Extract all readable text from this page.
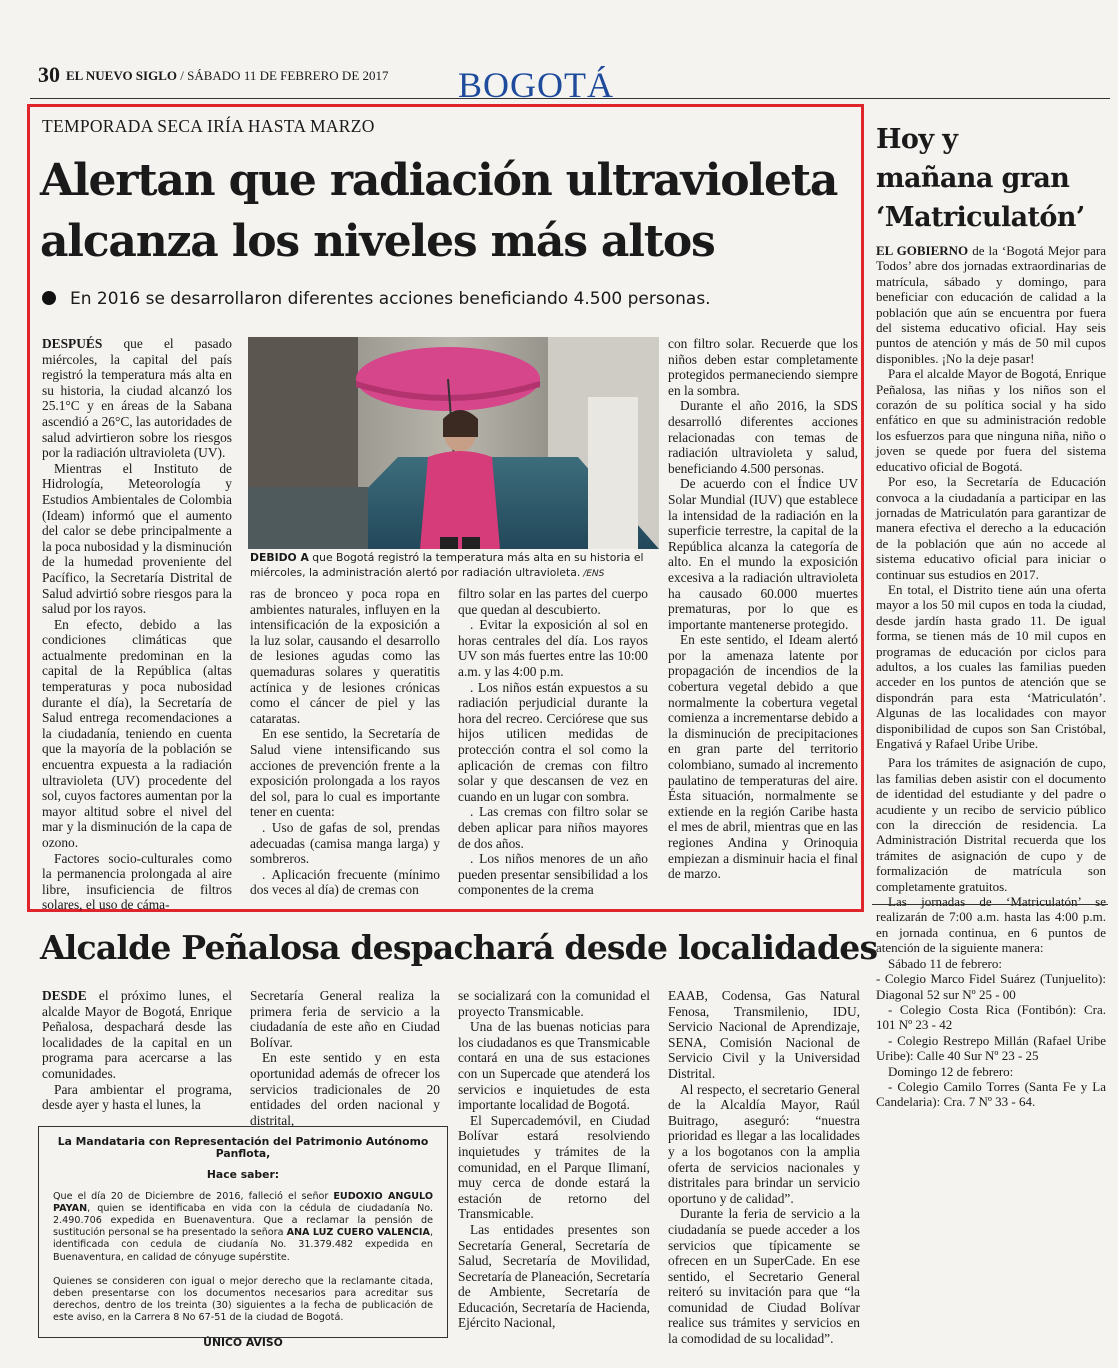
30 EL NUEVO SIGLO / SÁBADO 11 DE FEBRERO DE 2017 BOGOTÁ
TEMPORADA SECA IRÍA HASTA MARZO
Alertan que radiación ultravioleta
alcanza los niveles más altos
En 2016 se desarrollaron diferentes acciones beneficiando 4.500 personas.

DESPUÉS que el pasado miércoles, la capital del país registró la temperatura más alta en su historia, la ciudad alcanzó los 25.1°C y en áreas de la Sabana ascendió a 26°C, las autoridades de salud advirtieron sobre los riesgos por la radiación ultravioleta (UV).

Mientras el Instituto de Hidrología, Meteorología y Estudios Ambientales de Colombia (Ideam) informó que el aumento del calor se debe principalmente a la poca nubosidad y la disminución de la humedad proveniente del Pacífico, la Secretaría Distrital de Salud advirtió sobre riesgos para la salud por los rayos.

En efecto, debido a las condiciones climáticas que actualmente predominan en la capital de la República (altas temperaturas y poca nubosidad durante el día), la Secretaría de Salud entrega recomendaciones a la ciudadanía, teniendo en cuenta que la mayoría de la población se encuentra expuesta a la radiación ultravioleta (UV) procedente del sol, cuyos factores aumentan por la mayor altitud sobre el nivel del mar y la disminución de la capa de ozono.

Factores socio-culturales como la permanencia prolongada al aire libre, insuficiencia de filtros solares, el uso de cáma-

DEBIDO A que Bogotá registró la temperatura más alta en su historia el miércoles, la administración alertó por radiación ultravioleta. /ENS

ras de bronceo y poca ropa en ambientes naturales, influyen en la intensificación de la exposición a la luz solar, causando el desarrollo de lesiones agudas como las quemaduras solares y queratitis actínica y de lesiones crónicas como el cáncer de piel y las cataratas.

En ese sentido, la Secretaría de Salud viene intensificando sus acciones de prevención frente a la exposición prolongada a los rayos del sol, para lo cual es importante tener en cuenta:

. Uso de gafas de sol, prendas adecuadas (camisa manga larga) y sombreros.

. Aplicación frecuente (mínimo dos veces al día) de cremas con

filtro solar en las partes del cuerpo que quedan al descubierto.

. Evitar la exposición al sol en horas centrales del día. Los rayos UV son más fuertes entre las 10:00 a.m. y las 4:00 p.m.

. Los niños están expuestos a su radiación perjudicial durante la hora del recreo. Cerciórese que sus hijos utilicen medidas de protección contra el sol como la aplicación de cremas con filtro solar y que descansen de vez en cuando en un lugar con sombra.

. Las cremas con filtro solar se deben aplicar para niños mayores de dos años.

. Los niños menores de un año pueden presentar sensibilidad a los componentes de la crema

con filtro solar. Recuerde que los niños deben estar completamente protegidos permaneciendo siempre en la sombra.

Durante el año 2016, la SDS desarrolló diferentes acciones relacionadas con temas de radiación ultravioleta y salud, beneficiando 4.500 personas.

De acuerdo con el Índice UV Solar Mundial (IUV) que establece la intensidad de la radiación en la superficie terrestre, la capital de la República alcanza la categoría de alto. En el mundo la exposición excesiva a la radiación ultravioleta ha causado 60.000 muertes prematuras, por lo que es importante mantenerse protegido.

En este sentido, el Ideam alertó por la amenaza latente por propagación de incendios de la cobertura vegetal debido a que normalmente la cobertura vegetal comienza a incrementarse debido a la disminución de precipitaciones en gran parte del territorio colombiano, sumado al incremento paulatino de temperaturas del aire. Ésta situación, normalmente se extiende en la región Caribe hasta el mes de abril, mientras que en las regiones Andina y Orinoquia empiezan a disminuir hacia el final de marzo.

Hoy y
mañana gran
‘Matriculatón’

EL GOBIERNO de la ‘Bogotá Mejor para Todos’ abre dos jornadas extraordinarias de matrícula, sábado y domingo, para beneficiar con educación de calidad a la población que aún se encuentra por fuera del sistema educativo oficial. Hay seis puntos de atención y más de 50 mil cupos disponibles. ¡No la deje pasar!

Para el alcalde Mayor de Bogotá, Enrique Peñalosa, las niñas y los niños son el corazón de su política social y ha sido enfático en que su administración redoble los esfuerzos para que ninguna niña, niño o joven se quede por fuera del sistema educativo oficial de Bogotá.

Por eso, la Secretaría de Educación convoca a la ciudadanía a participar en las jornadas de Matriculatón para garantizar de manera efectiva el derecho a la educación de la población que aún no accede al sistema educativo oficial para iniciar o continuar sus estudios en 2017.

En total, el Distrito tiene aún una oferta mayor a los 50 mil cupos en toda la ciudad, desde jardín hasta grado 11. De igual forma, se tienen más de 10 mil cupos en programas de educación por ciclos para adultos, a los cuales las familias pueden acceder en los puntos de atención que se dispondrán para esta ‘Matriculatón’. Algunas de las localidades con mayor disponibilidad de cupos son San Cristóbal, Engativá y Rafael Uribe Uribe.

Para los trámites de asignación de cupo, las familias deben asistir con el documento de identidad del estudiante y del padre o acudiente y un recibo de servicio público con la dirección de residencia. La Administración Distrital recuerda que los trámites de asignación de cupo y de formalización de matrícula son completamente gratuitos.

Las jornadas de ‘Matriculatón’ se realizarán de 7:00 a.m. hasta las 4:00 p.m. en jornada continua, en 6 puntos de atención de la siguiente manera:

Sábado 11 de febrero:

- Colegio Marco Fidel Suárez (Tunjuelito): Diagonal 52 sur Nº 25 - 00

- Colegio Costa Rica (Fontibón): Cra. 101 Nº 23 - 42

- Colegio Restrepo Millán (Rafael Uribe Uribe): Calle 40 Sur Nº 23 - 25

Domingo 12 de febrero:

- Colegio Camilo Torres (Santa Fe y La Candelaria): Cra. 7 Nº 33 - 64.

Alcalde Peñalosa despachará desde localidades

DESDE el próximo lunes, el alcalde Mayor de Bogotá, Enrique Peñalosa, despachará desde las localidades de la capital en un programa para acercarse a las comunidades.

Para ambientar el programa, desde ayer y hasta el lunes, la

Secretaría General realiza la primera feria de servicio a la ciudadanía de este año en Ciudad Bolívar.

En este sentido y en esta oportunidad además de ofrecer los servicios tradicionales de 20 entidades del orden nacional y distrital,

se socializará con la comunidad el proyecto Transmicable.

Una de las buenas noticias para los ciudadanos es que Transmicable contará en una de sus estaciones con un Supercade que atenderá los servicios e inquietudes de esta importante localidad de Bogotá.

El Supercademóvil, en Ciudad Bolívar estará resolviendo inquietudes y trámites de la comunidad, en el Parque Ilimaní, muy cerca de donde estará la estación de retorno del Transmicable.

Las entidades presentes son Secretaría General, Secretaría de Salud, Secretaría de Movilidad, Secretaría de Planeación, Secretaría de Ambiente, Secretaría de Educación, Secretaría de Hacienda, Ejército Nacional,

EAAB, Codensa, Gas Natural Fenosa, Transmilenio, IDU, Servicio Nacional de Aprendizaje, SENA, Comisión Nacional de Servicio Civil y la Universidad Distrital.

Al respecto, el secretario General de la Alcaldía Mayor, Raúl Buitrago, aseguró: “nuestra prioridad es llegar a las localidades y a los bogotanos con la amplia oferta de servicios nacionales y distritales para brindar un servicio oportuno y de calidad”.

Durante la feria de servicio a la ciudadanía se puede acceder a los servicios que típicamente se ofrecen en un SuperCade. En ese sentido, el Secretario General reiteró su invitación para que “la comunidad de Ciudad Bolívar realice sus trámites y servicios en la comodidad de su localidad”.

La Mandataria con Representación del Patrimonio Autónomo Panflota,
Hace saber:
Que el día 20 de Diciembre de 2016, falleció el señor EUDOXIO ANGULO PAYAN, quien se identificaba en vida con la cédula de ciudadanía No. 2.490.706 expedida en Buenaventura. Que a reclamar la pensión de sustitución personal se ha presentado la señora ANA LUZ CUERO VALENCIA, identificada con cedula de ciudanía No. 31.379.482 expedida en Buenaventura, en calidad de cónyuge supérstite.
Quienes se consideren con igual o mejor derecho que la reclamante citada, deben presentarse con los documentos necesarios para acreditar sus derechos, dentro de los treinta (30) siguientes a la fecha de publicación de este aviso, en la Carrera 8 No 67-51 de la ciudad de Bogotá.
ÚNICO AVISO
